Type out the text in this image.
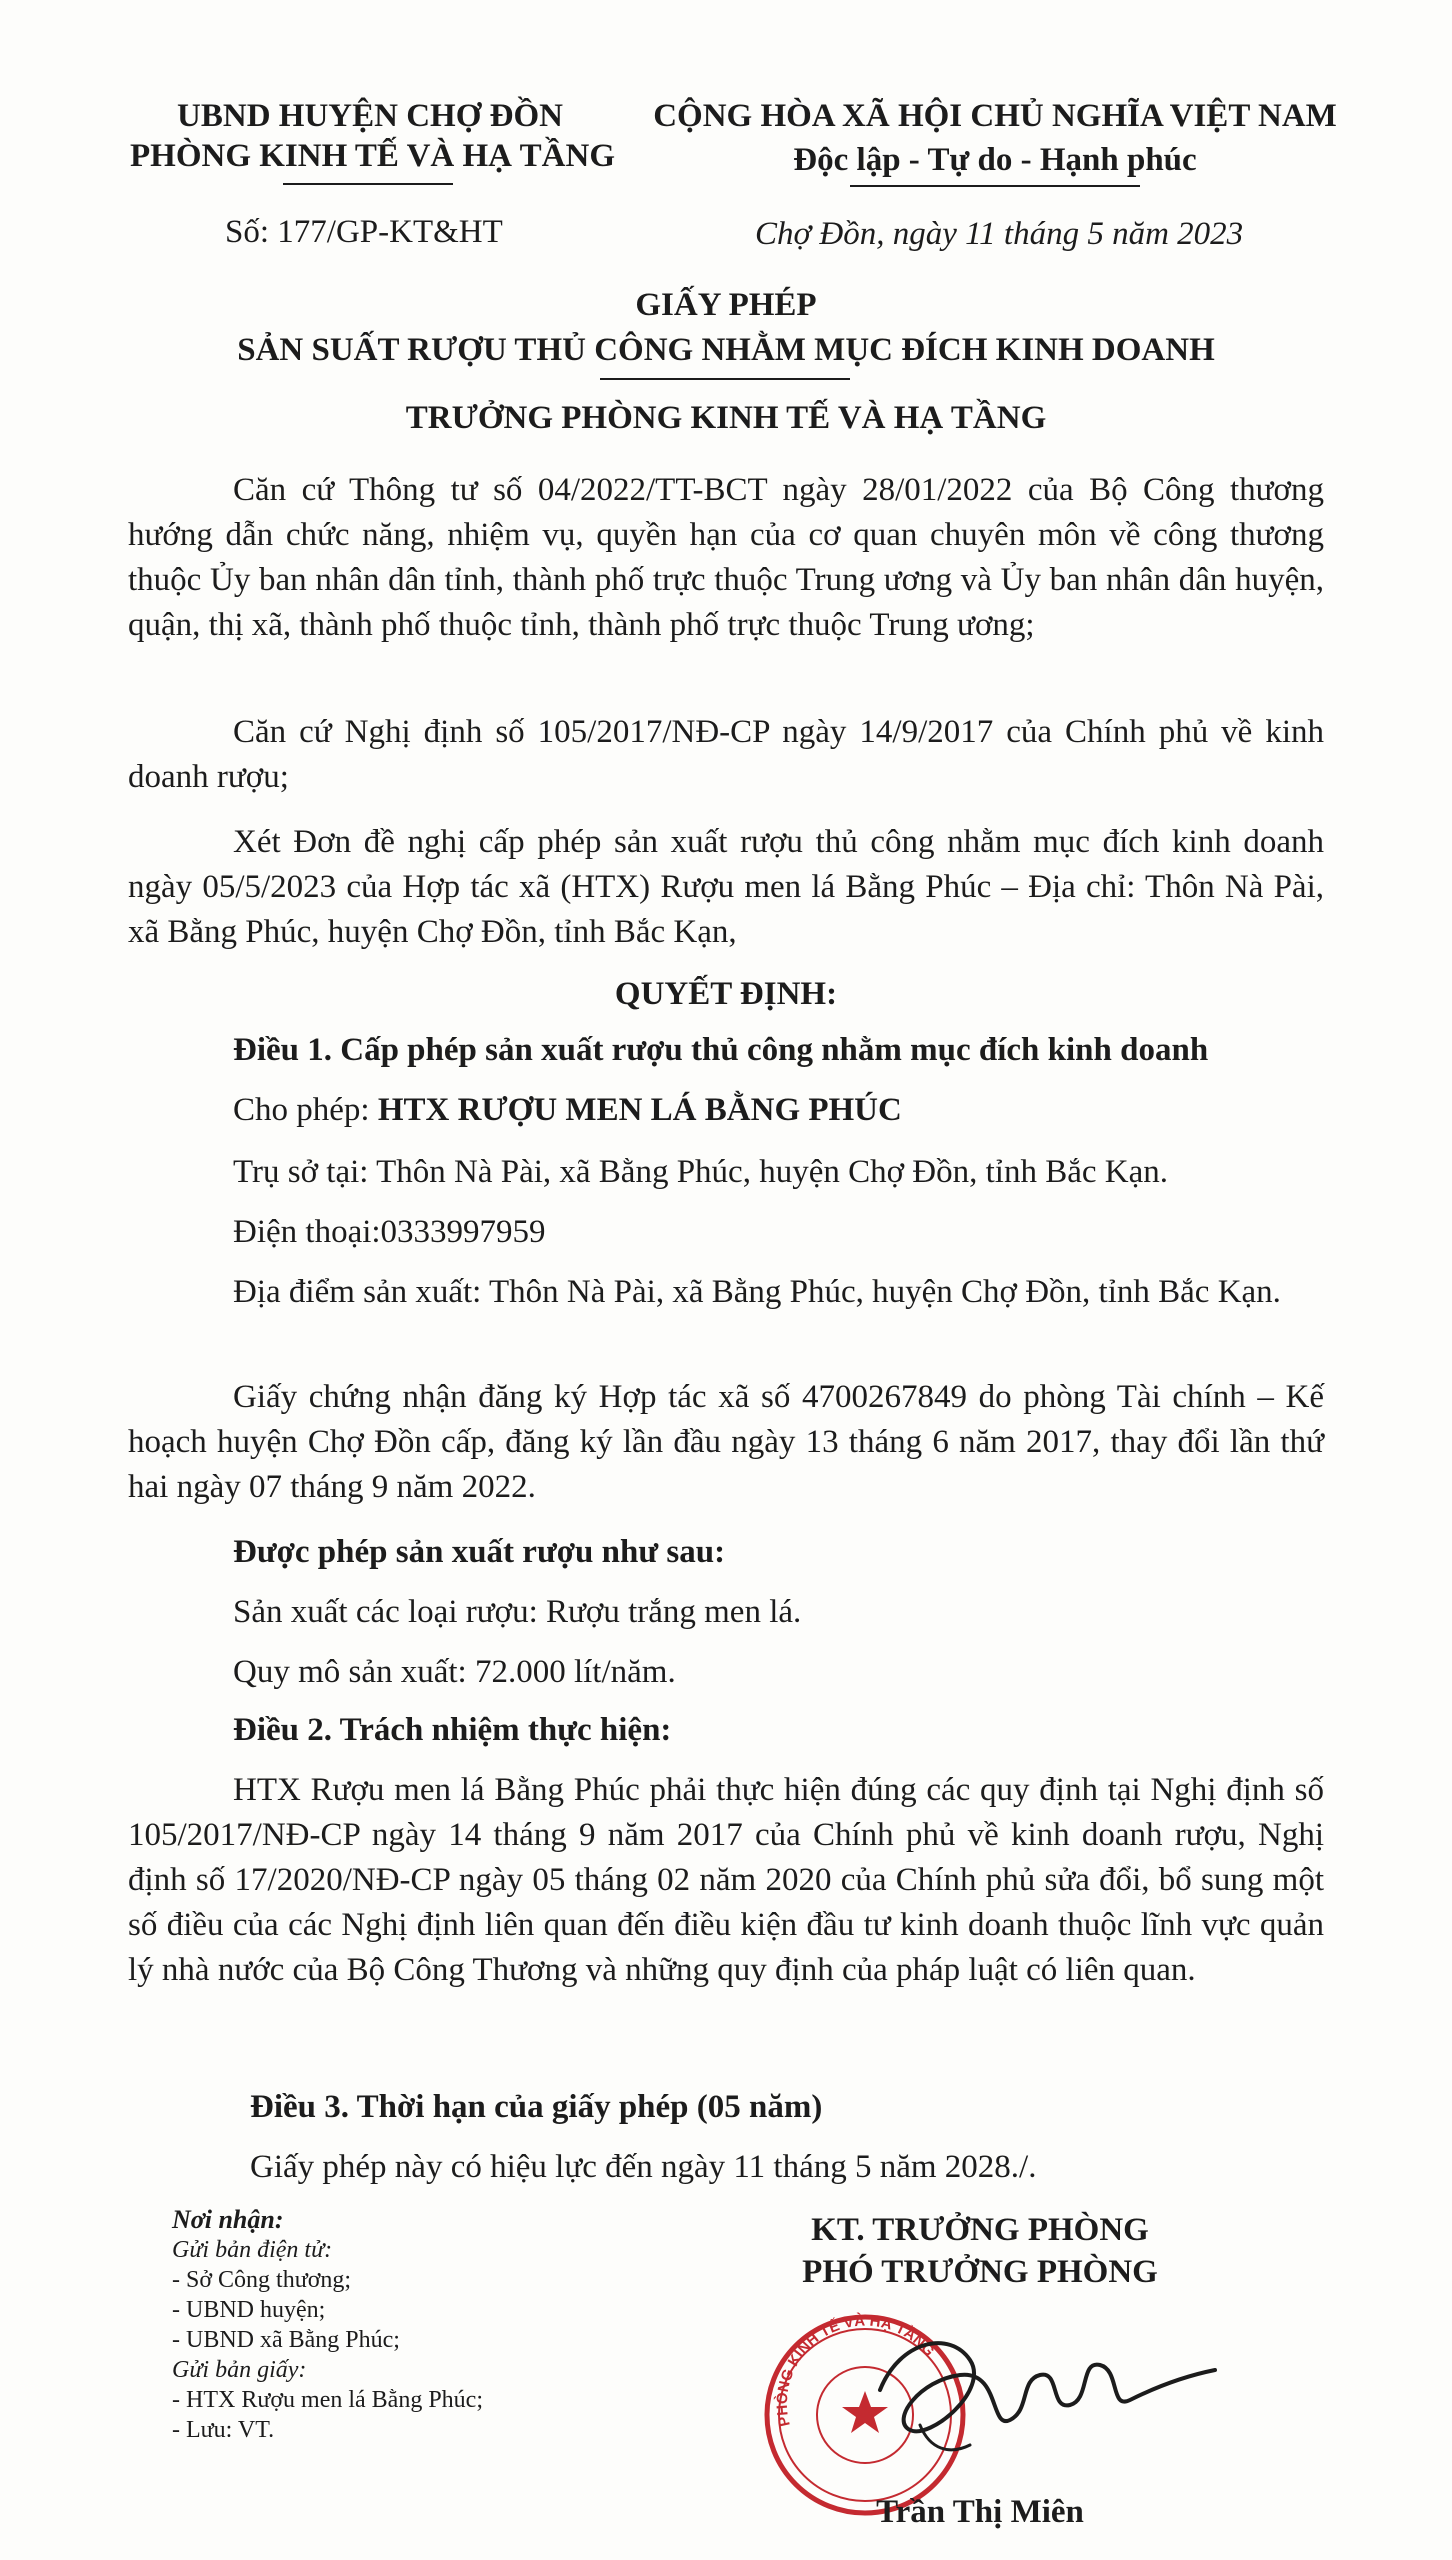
UBND HUYỆN CHỢ ĐỒN
PHÒNG KINH TẾ VÀ HẠ TẦNG
CỘNG HÒA XÃ HỘI CHỦ NGHĨA VIỆT NAM
Độc lập - Tự do - Hạnh phúc
Số: 177/GP-KT&HT	Chợ Đồn, ngày 11 tháng 5 năm 2023
GIẤY PHÉP
SẢN SUẤT RƯỢU THỦ CÔNG NHẰM MỤC ĐÍCH KINH DOANH
TRƯỞNG PHÒNG KINH TẾ VÀ HẠ TẦNG
Căn cứ Thông tư số 04/2022/TT-BCT ngày 28/01/2022 của Bộ Công thương hướng dẫn chức năng, nhiệm vụ, quyền hạn của cơ quan chuyên môn về công thương thuộc Ủy ban nhân dân tỉnh, thành phố trực thuộc Trung ương và Ủy ban nhân dân huyện, quận, thị xã, thành phố thuộc tỉnh, thành phố trực thuộc Trung ương;
Căn cứ Nghị định số 105/2017/NĐ-CP ngày 14/9/2017 của Chính phủ về kinh doanh rượu;
Xét Đơn đề nghị cấp phép sản xuất rượu thủ công nhằm mục đích kinh doanh ngày 05/5/2023 của Hợp tác xã (HTX) Rượu men lá Bằng Phúc – Địa chỉ: Thôn Nà Pài, xã Bằng Phúc, huyện Chợ Đồn, tỉnh Bắc Kạn,
QUYẾT ĐỊNH:
Điều 1. Cấp phép sản xuất rượu thủ công nhằm mục đích kinh doanh
Cho phép: HTX RƯỢU MEN LÁ BẰNG PHÚC
Trụ sở tại: Thôn Nà Pài, xã Bằng Phúc, huyện Chợ Đồn, tỉnh Bắc Kạn.
Điện thoại:0333997959
Địa điểm sản xuất: Thôn Nà Pài, xã Bằng Phúc, huyện Chợ Đồn, tỉnh Bắc Kạn.
Giấy chứng nhận đăng ký Hợp tác xã số 4700267849 do phòng Tài chính – Kế hoạch huyện Chợ Đồn cấp, đăng ký lần đầu ngày 13 tháng 6 năm 2017, thay đổi lần thứ hai ngày 07 tháng 9 năm 2022.
Được phép sản xuất rượu như sau:
Sản xuất các loại rượu: Rượu trắng men lá.
Quy mô sản xuất: 72.000 lít/năm.
Điều 2. Trách nhiệm thực hiện:
HTX Rượu men lá Bằng Phúc phải thực hiện đúng các quy định tại Nghị định số 105/2017/NĐ-CP ngày 14 tháng 9 năm 2017 của Chính phủ về kinh doanh rượu, Nghị định số 17/2020/NĐ-CP ngày 05 tháng 02 năm 2020 của Chính phủ sửa đổi, bổ sung một số điều của các Nghị định liên quan đến điều kiện đầu tư kinh doanh thuộc lĩnh vực quản lý nhà nước của Bộ Công Thương và những quy định của pháp luật có liên quan.
Điều 3. Thời hạn của giấy phép (05 năm)
Giấy phép này có hiệu lực đến ngày 11 tháng 5 năm 2028./.
Nơi nhận:
Gửi bản điện tử:
- Sở Công thương;
- UBND huyện;
- UBND xã Bằng Phúc;
Gửi bản giấy:
- HTX Rượu men lá Bằng Phúc;
- Lưu: VT.
KT. TRƯỞNG PHÒNG
PHÓ TRƯỞNG PHÒNG
PHÒNG KINH TẾ VÀ HẠ TẦNG
Trần Thị Miên
